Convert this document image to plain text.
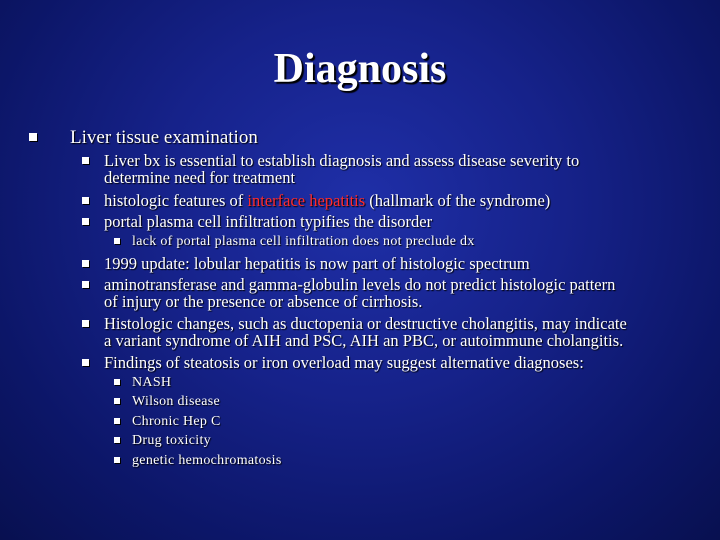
Diagnosis
Liver tissue examination
Liver bx is essential to establish diagnosis and assess disease severity to
determine need for treatment
histologic features of interface hepatitis (hallmark of the syndrome)
portal plasma cell infiltration typifies the disorder
lack of portal plasma cell infiltration does not preclude dx
1999 update: lobular hepatitis is now part of histologic spectrum
aminotransferase and gamma-globulin levels do not predict histologic pattern
of injury or the presence or absence of cirrhosis.
Histologic changes, such as ductopenia or destructive cholangitis, may indicate
a variant syndrome of AIH and PSC, AIH an PBC, or autoimmune cholangitis.
Findings of steatosis or iron overload may suggest alternative diagnoses:
NASH
Wilson disease
Chronic Hep C
Drug toxicity
genetic hemochromatosis
